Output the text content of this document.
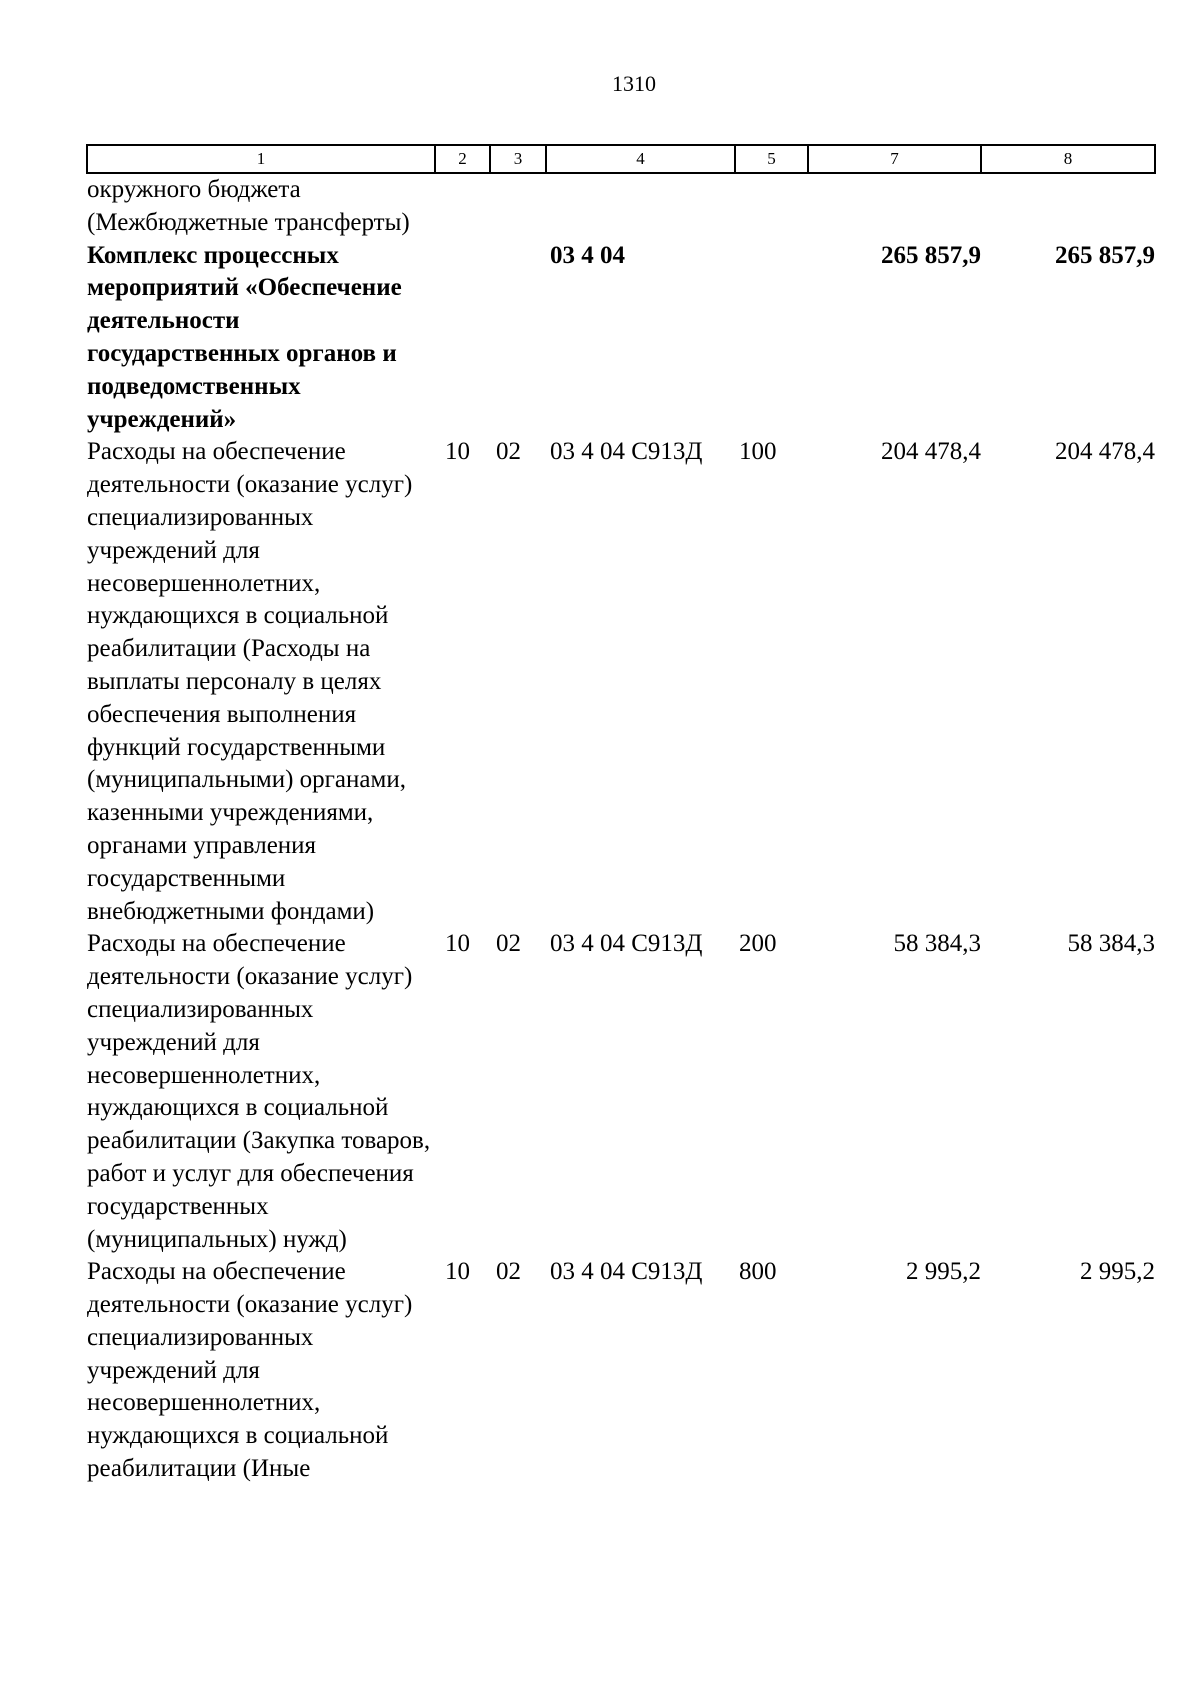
1310
1	2	3	4	5	7	8
окружного бюджета (Межбюджетные трансферты)						
Комплекс процессных мероприятий «Обеспечение деятельности государственных органов и подведомственных учреждений»			03 4 04		265 857,9	265 857,9
Расходы на обеспечение деятельности (оказание услуг) специализированных учреждений для несовершеннолетних, нуждающихся в социальной реабилитации (Расходы на выплаты персоналу в целях обеспечения выполнения функций государственными (муниципальными) органами, казенными учреждениями, органами управления государственными внебюджетными фондами)	10	02	03 4 04 С913Д	100	204 478,4	204 478,4
Расходы на обеспечение деятельности (оказание услуг) специализированных учреждений для несовершеннолетних, нуждающихся в социальной реабилитации (Закупка товаров, работ и услуг для обеспечения государственных (муниципальных) нужд)	10	02	03 4 04 С913Д	200	58 384,3	58 384,3
Расходы на обеспечение деятельности (оказание услуг) специализированных учреждений для несовершеннолетних, нуждающихся в социальной реабилитации (Иные	10	02	03 4 04 С913Д	800	2 995,2	2 995,2
